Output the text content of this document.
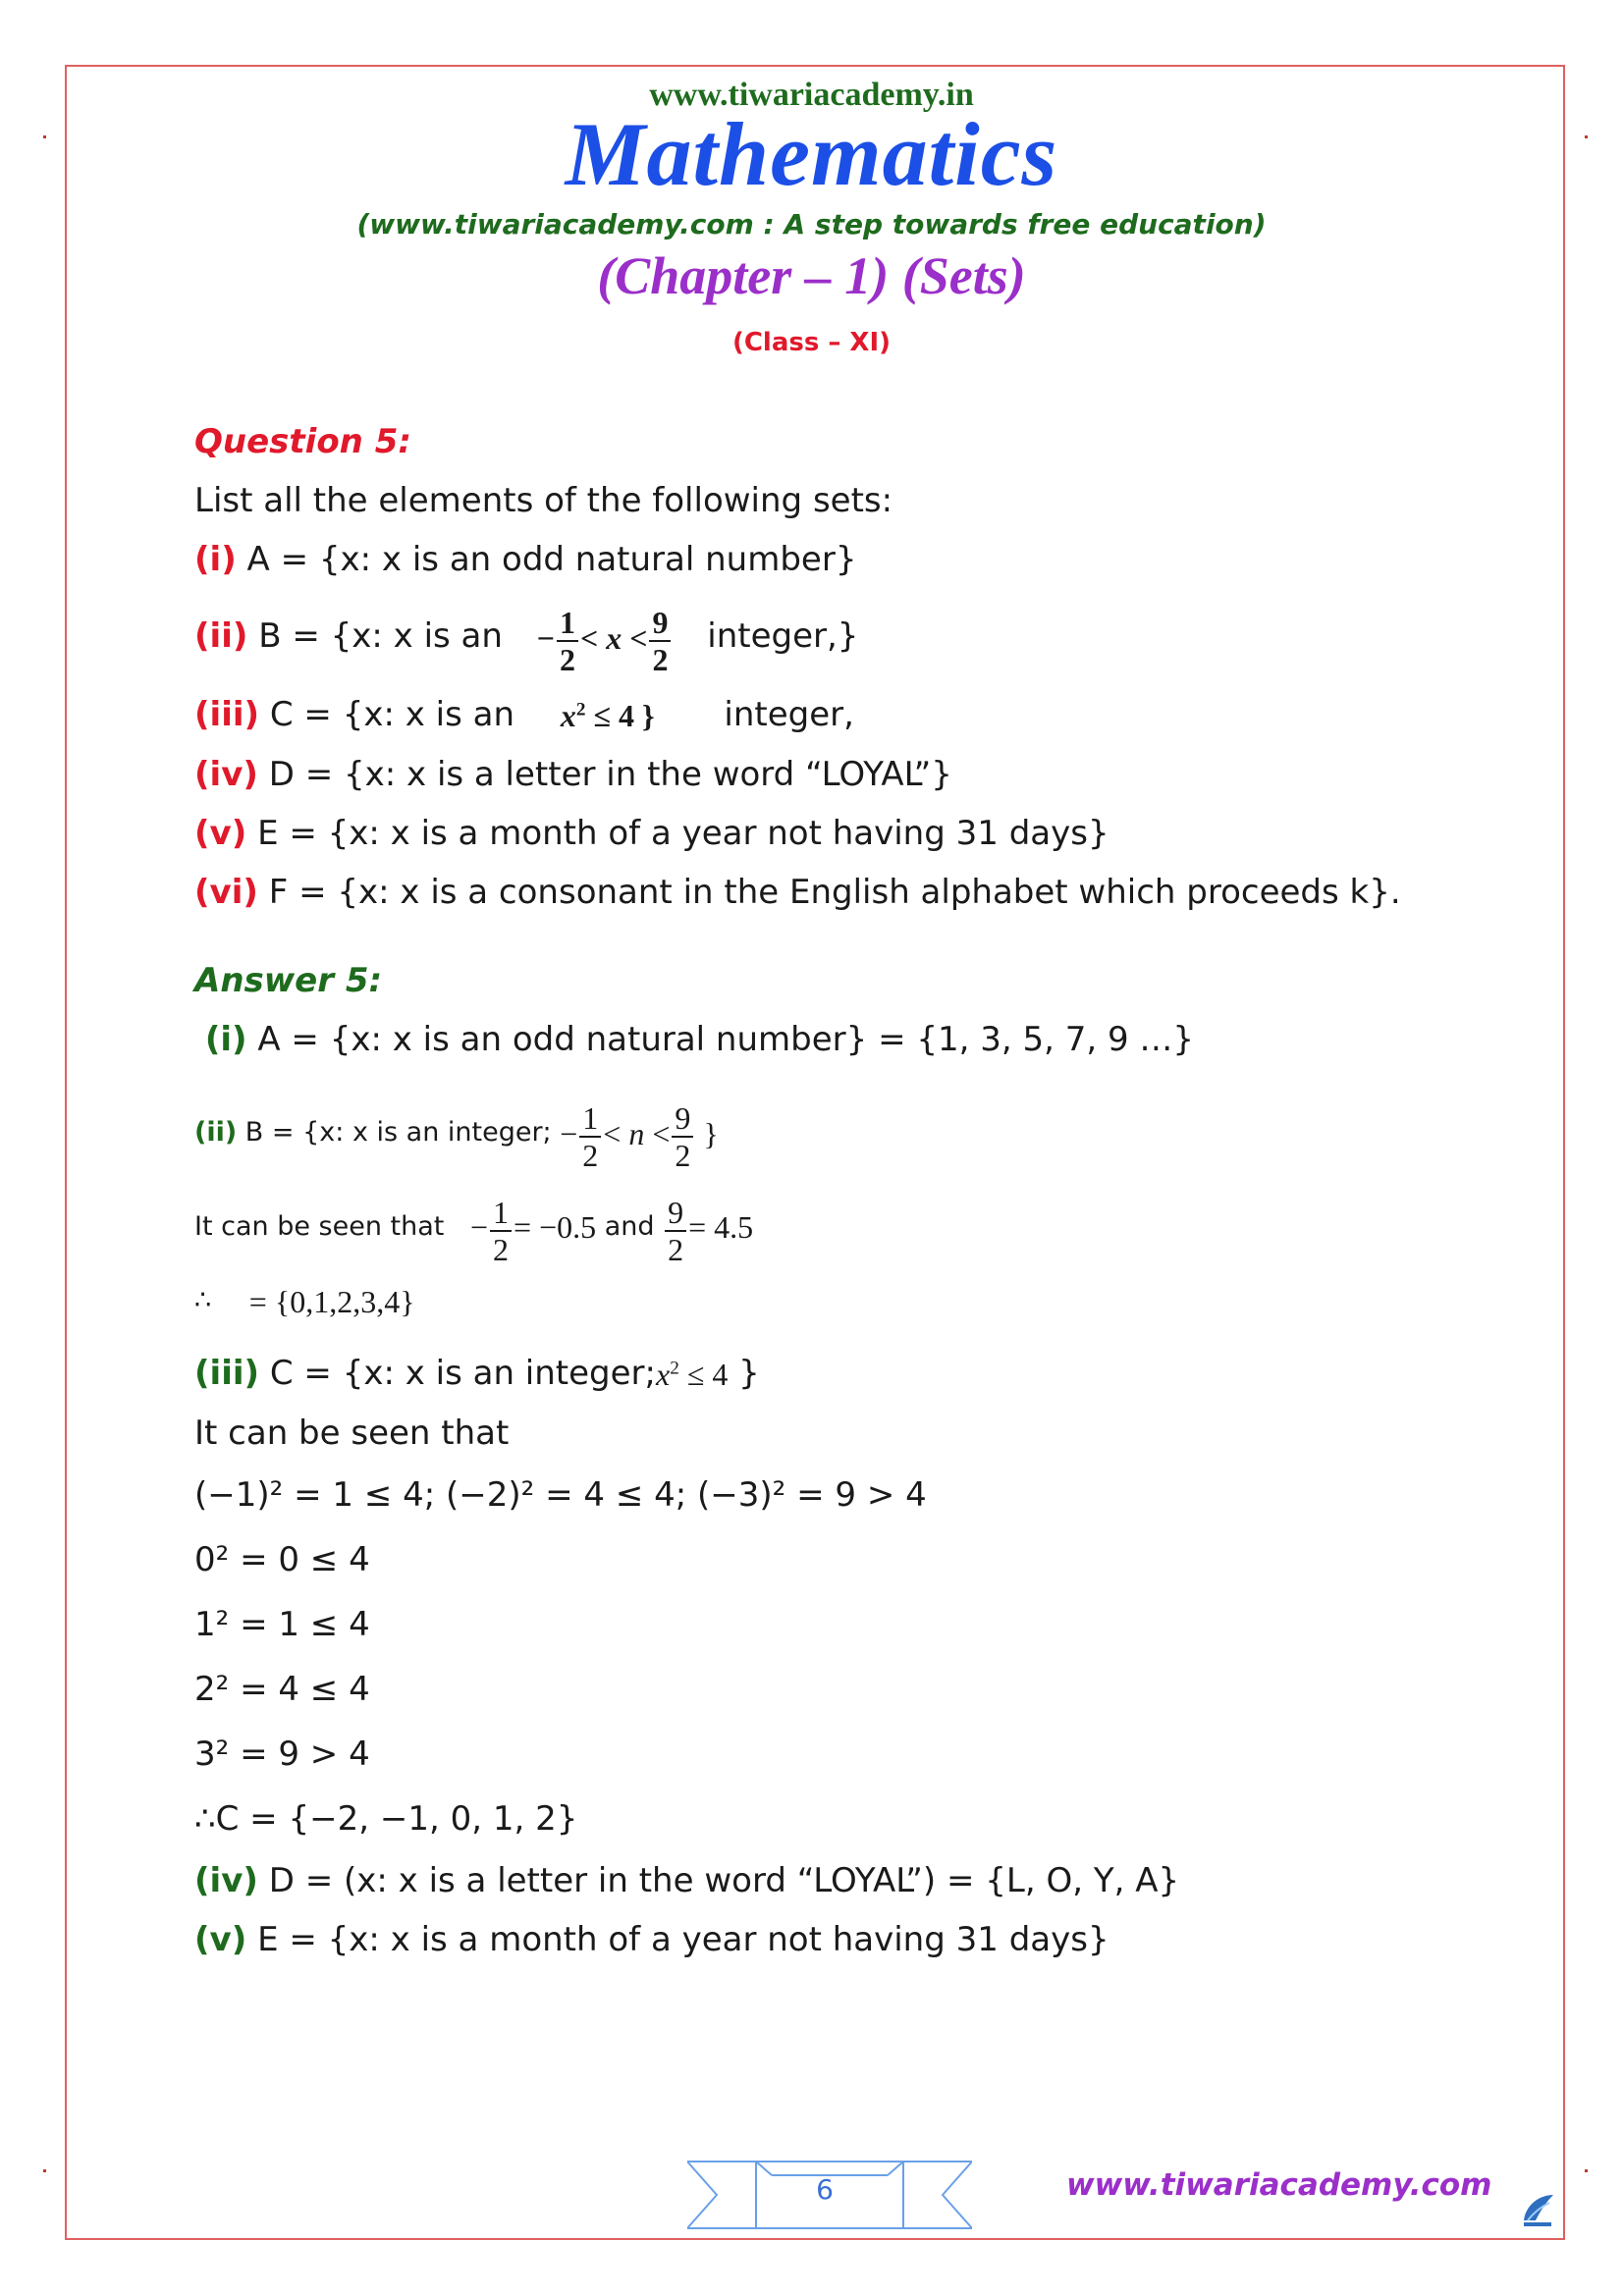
www.tiwariacademy.in
Mathematics
(www.tiwariacademy.com : A step towards free education)
(Chapter – 1) (Sets)
(Class – XI)
Question 5:
List all the elements of the following sets:
(i) A = {x: x is an odd natural number}
(ii) B = {x: x is an − $\frac{1}{2} < x < \frac{9}{2}$ integer,}
(iii) C = {x: x is an $x^2 \le 4$ } integer,
(iv) D = {x: x is a letter in the word “LOYAL”}
(v) E = {x: x is a month of a year not having 31 days}
(vi) F = {x: x is a consonant in the English alphabet which proceeds k}.
Answer 5:
(i) A = {x: x is an odd natural number} = {1, 3, 5, 7, 9 …}
(ii) B = {x: x is an integer; − $\frac{1}{2} < n < \frac{9}{2}$ }
It can be seen that − $\frac{1}{2} = -0.5$ and $\frac{9}{2} = 4.5$
∴ = {0,1,2,3,4}
(iii) C = {x: x is an $integer;x^2 \le 4$ }
It can be seen that
(−1)² = 1 ≤ 4; (−2)² = 4 ≤ 4; (−3)² = 9 > 4
0² = 0 ≤ 4
1² = 1 ≤ 4
2² = 4 ≤ 4
3² = 9 > 4
∴C = {−2, −1, 0, 1, 2}
(iv) D = (x: x is a letter in the word “LOYAL”) = {L, O, Y, A}
(v) E = {x: x is a month of a year not having 31 days}
6	www.tiwariacademy.com
